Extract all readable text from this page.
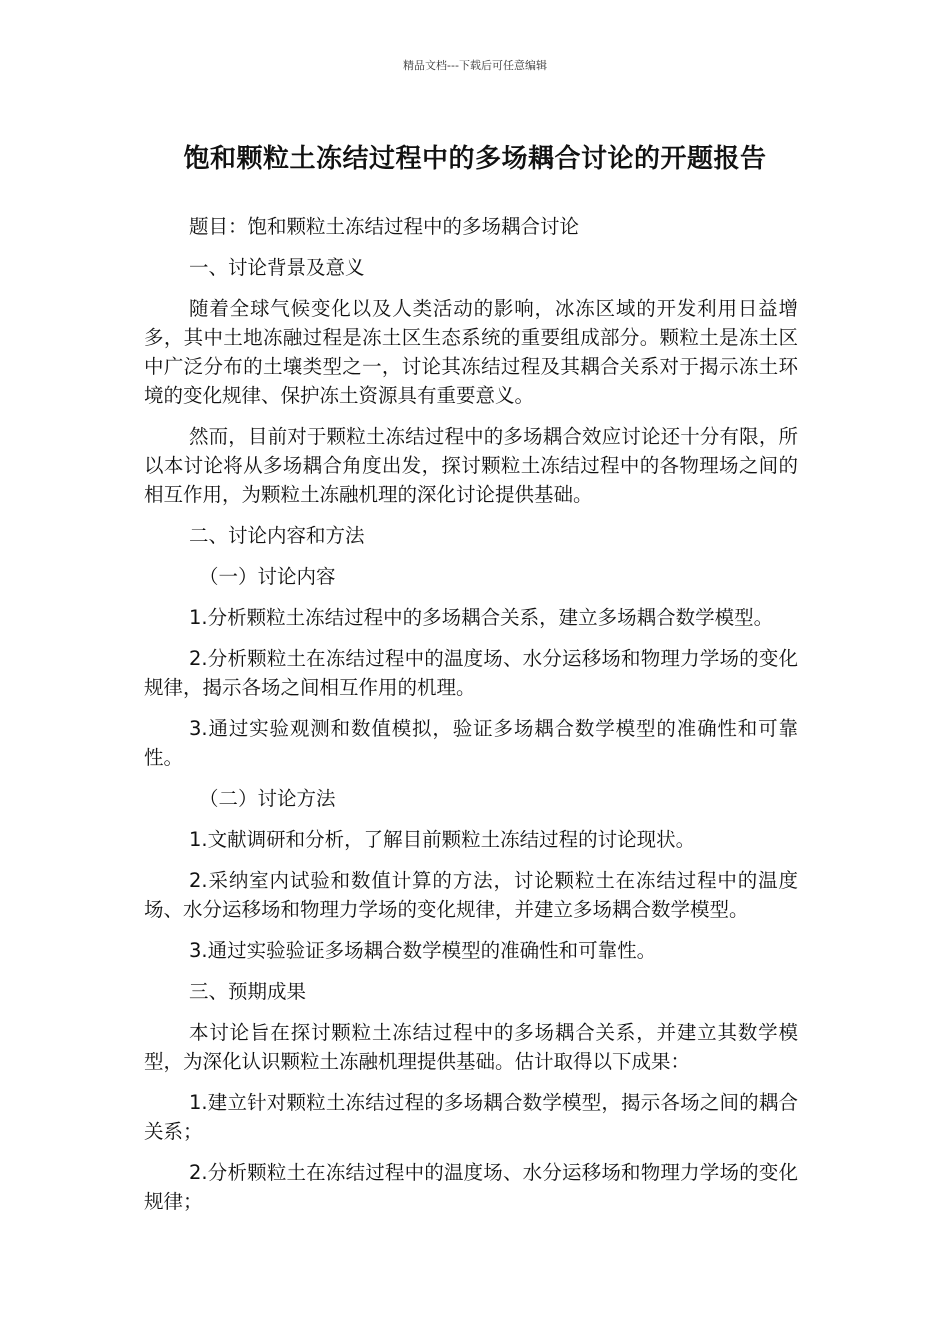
精品文档---下载后可任意编辑
饱和颗粒土冻结过程中的多场耦合讨论的开题报告

题目：饱和颗粒土冻结过程中的多场耦合讨论

一、讨论背景及意义

随着全球气候变化以及人类活动的影响，冰冻区域的开发利用日益增多，其中土地冻融过程是冻土区生态系统的重要组成部分。颗粒土是冻土区中广泛分布的土壤类型之一，讨论其冻结过程及其耦合关系对于揭示冻土环境的变化规律、保护冻土资源具有重要意义。

然而，目前对于颗粒土冻结过程中的多场耦合效应讨论还十分有限，所以本讨论将从多场耦合角度出发，探讨颗粒土冻结过程中的各物理场之间的相互作用，为颗粒土冻融机理的深化讨论提供基础。

二、讨论内容和方法

（一）讨论内容

1.分析颗粒土冻结过程中的多场耦合关系，建立多场耦合数学模型。

2.分析颗粒土在冻结过程中的温度场、水分运移场和物理力学场的变化规律，揭示各场之间相互作用的机理。

3.通过实验观测和数值模拟，验证多场耦合数学模型的准确性和可靠性。

（二）讨论方法

1.文献调研和分析，了解目前颗粒土冻结过程的讨论现状。

2.采纳室内试验和数值计算的方法，讨论颗粒土在冻结过程中的温度场、水分运移场和物理力学场的变化规律，并建立多场耦合数学模型。

3.通过实验验证多场耦合数学模型的准确性和可靠性。

三、预期成果

本讨论旨在探讨颗粒土冻结过程中的多场耦合关系，并建立其数学模型，为深化认识颗粒土冻融机理提供基础。估计取得以下成果：

1.建立针对颗粒土冻结过程的多场耦合数学模型，揭示各场之间的耦合关系；

2.分析颗粒土在冻结过程中的温度场、水分运移场和物理力学场的变化规律；
